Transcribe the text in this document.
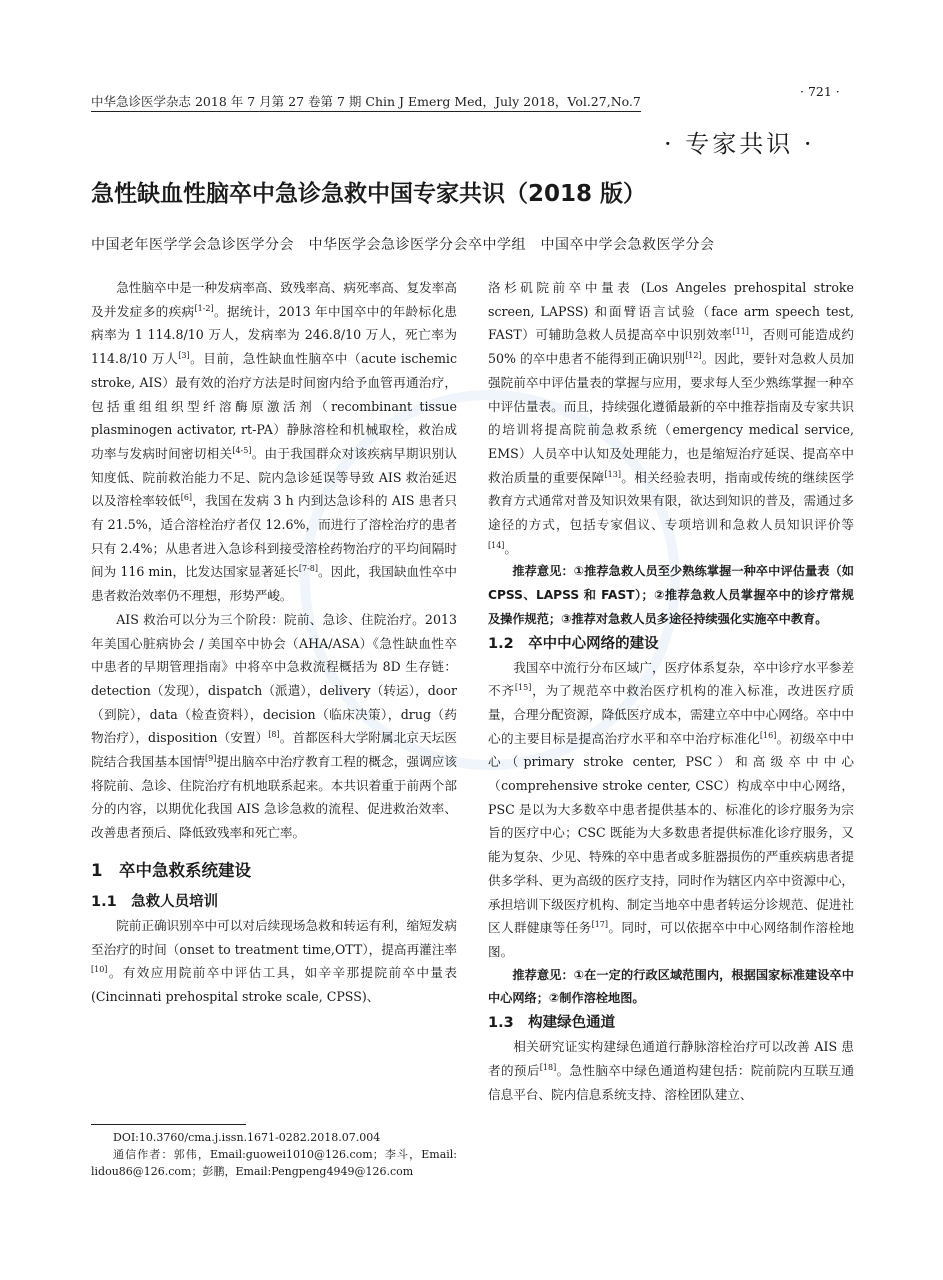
中华急诊医学杂志 2018 年 7 月第 27 卷第 7 期 Chin J Emerg Med，July 2018，Vol.27,No.7
· 721 ·
· 专家共识 ·
急性缺血性脑卒中急诊急救中国专家共识（2018 版）
中国老年医学学会急诊医学分会　中华医学会急诊医学分会卒中学组　中国卒中学会急救医学分会

急性脑卒中是一种发病率高、致残率高、病死率高、复发率高及并发症多的疾病[1-2]。据统计，2013 年中国卒中的年龄标化患病率为 1 114.8/10 万人，发病率为 246.8/10 万人，死亡率为114.8/10 万人[3]。目前，急性缺血性脑卒中（acute ischemic stroke, AIS）最有效的治疗方法是时间窗内给予血管再通治疗，包括重组组织型纤溶酶原激活剂（recombinant tissue plasminogen activator, rt-PA）静脉溶栓和机械取栓，救治成功率与发病时间密切相关[4-5]。由于我国群众对该疾病早期识别认知度低、院前救治能力不足、院内急诊延误等导致 AIS 救治延迟以及溶栓率较低[6]，我国在发病 3 h 内到达急诊科的 AIS 患者只有 21.5%，适合溶栓治疗者仅 12.6%，而进行了溶栓治疗的患者只有 2.4%；从患者进入急诊科到接受溶栓药物治疗的平均间隔时间为 116 min，比发达国家显著延长[7-8]。因此，我国缺血性卒中患者救治效率仍不理想，形势严峻。

AIS 救治可以分为三个阶段：院前、急诊、住院治疗。2013 年美国心脏病协会 / 美国卒中协会（AHA/ASA）《急性缺血性卒中患者的早期管理指南》中将卒中急救流程概括为 8D 生存链：detection（发现），dispatch（派遣），delivery（转运），door（到院），data（检查资料），decision（临床决策），drug（药物治疗），disposition（安置）[8]。首都医科大学附属北京天坛医院结合我国基本国情[9]提出脑卒中治疗教育工程的概念，强调应该将院前、急诊、住院治疗有机地联系起来。本共识着重于前两个部分的内容，以期优化我国 AIS 急诊急救的流程、促进救治效率、改善患者预后、降低致残率和死亡率。

1　卒中急救系统建设
1.1　急救人员培训

院前正确识别卒中可以对后续现场急救和转运有利，缩短发病至治疗的时间（onset to treatment time,OTT），提高再灌注率[10]。有效应用院前卒中评估工具，如辛辛那提院前卒中量表 (Cincinnati prehospital stroke scale, CPSS)、

洛杉矶院前卒中量表 (Los Angeles prehospital stroke screen, LAPSS) 和面臂语言试验（face arm speech test, FAST）可辅助急救人员提高卒中识别效率[11]，否则可能造成约 50% 的卒中患者不能得到正确识别[12]。因此，要针对急救人员加强院前卒中评估量表的掌握与应用，要求每人至少熟练掌握一种卒中评估量表。而且，持续强化遵循最新的卒中推荐指南及专家共识的培训将提高院前急救系统（emergency medical service, EMS）人员卒中认知及处理能力，也是缩短治疗延误、提高卒中救治质量的重要保障[13]。相关经验表明，指南或传统的继续医学教育方式通常对普及知识效果有限，欲达到知识的普及，需通过多途径的方式，包括专家倡议、专项培训和急救人员知识评价等[14]。

推荐意见：①推荐急救人员至少熟练掌握一种卒中评估量表（如 CPSS、LAPSS 和 FAST）；②推荐急救人员掌握卒中的诊疗常规及操作规范；③推荐对急救人员多途径持续强化实施卒中教育。

1.2　卒中中心网络的建设

我国卒中流行分布区域广，医疗体系复杂，卒中诊疗水平参差不齐[15]，为了规范卒中救治医疗机构的准入标准，改进医疗质量，合理分配资源，降低医疗成本，需建立卒中中心网络。卒中中心的主要目标是提高治疗水平和卒中治疗标准化[16]。初级卒中中心（primary stroke center, PSC）和高级卒中中心（comprehensive stroke center, CSC）构成卒中中心网络，PSC 是以为大多数卒中患者提供基本的、标准化的诊疗服务为宗旨的医疗中心；CSC 既能为大多数患者提供标准化诊疗服务，又能为复杂、少见、特殊的卒中患者或多脏器损伤的严重疾病患者提供多学科、更为高级的医疗支持，同时作为辖区内卒中资源中心，承担培训下级医疗机构、制定当地卒中患者转运分诊规范、促进社区人群健康等任务[17]。同时，可以依据卒中中心网络制作溶栓地图。

推荐意见：①在一定的行政区域范围内，根据国家标准建设卒中中心网络；②制作溶栓地图。

1.3　构建绿色通道

相关研究证实构建绿色通道行静脉溶栓治疗可以改善 AIS 患者的预后[18]。急性脑卒中绿色通道构建包括：院前院内互联互通信息平台、院内信息系统支持、溶栓团队建立、

DOI:10.3760/cma.j.issn.1671-0282.2018.07.004
通信作者：郭伟，Email:guowei1010@126.com；李斗，Email: lidou86@126.com；彭鹏，Email:Pengpeng4949@126.com
